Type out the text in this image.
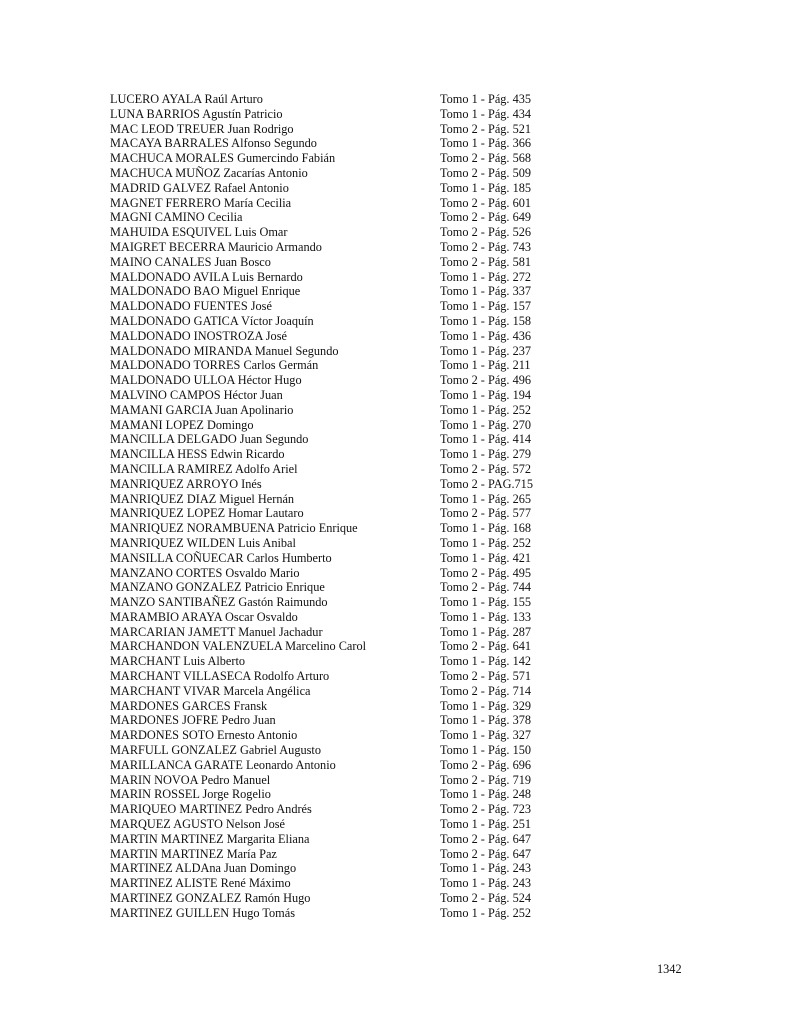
LUCERO AYALA Raúl Arturo	Tomo 1 - Pág. 435
LUNA BARRIOS Agustín Patricio	Tomo 1 - Pág. 434
MAC LEOD TREUER Juan Rodrigo	Tomo 2 - Pág. 521
MACAYA BARRALES Alfonso Segundo	Tomo 1 - Pág. 366
MACHUCA MORALES Gumercindo Fabián	Tomo 2 - Pág. 568
MACHUCA MUÑOZ Zacarías Antonio	Tomo 2 - Pág. 509
MADRID GALVEZ Rafael Antonio	Tomo 1 - Pág. 185
MAGNET FERRERO María Cecilia	Tomo 2 - Pág. 601
MAGNI CAMINO Cecilia	Tomo 2 - Pág. 649
MAHUIDA ESQUIVEL Luis Omar	Tomo 2 - Pág. 526
MAIGRET BECERRA Mauricio Armando	Tomo 2 - Pág. 743
MAINO CANALES Juan Bosco	Tomo 2 - Pág. 581
MALDONADO AVILA Luis Bernardo	Tomo 1 - Pág. 272
MALDONADO BAO Miguel Enrique	Tomo 1 - Pág. 337
MALDONADO FUENTES José	Tomo 1 - Pág. 157
MALDONADO GATICA Víctor Joaquín	Tomo 1 - Pág. 158
MALDONADO INOSTROZA José	Tomo 1 - Pág. 436
MALDONADO MIRANDA Manuel Segundo	Tomo 1 - Pág. 237
MALDONADO TORRES Carlos Germán	Tomo 1 - Pág. 211
MALDONADO ULLOA Héctor Hugo	Tomo 2 - Pág. 496
MALVINO CAMPOS Héctor Juan	Tomo 1 - Pág. 194
MAMANI GARCIA Juan Apolinario	Tomo 1 - Pág. 252
MAMANI LOPEZ Domingo	Tomo 1 - Pág. 270
MANCILLA DELGADO Juan Segundo	Tomo 1 - Pág. 414
MANCILLA HESS Edwin Ricardo	Tomo 1 - Pág. 279
MANCILLA RAMIREZ Adolfo Ariel	Tomo 2 - Pág. 572
MANRIQUEZ ARROYO Inés	Tomo 2 - PAG.715
MANRIQUEZ DIAZ Miguel Hernán	Tomo 1 - Pág. 265
MANRIQUEZ LOPEZ Homar Lautaro	Tomo 2 - Pág. 577
MANRIQUEZ NORAMBUENA Patricio Enrique	Tomo 1 - Pág. 168
MANRIQUEZ WILDEN Luis Anibal	Tomo 1 - Pág. 252
MANSILLA COÑUECAR Carlos Humberto	Tomo 1 - Pág. 421
MANZANO CORTES Osvaldo Mario	Tomo 2 - Pág. 495
MANZANO GONZALEZ Patricio Enrique	Tomo 2 - Pág. 744
MANZO SANTIBAÑEZ Gastón Raimundo	Tomo 1 - Pág. 155
MARAMBIO ARAYA Oscar Osvaldo	Tomo 1 - Pág. 133
MARCARIAN JAMETT Manuel Jachadur	Tomo 1 - Pág. 287
MARCHANDON VALENZUELA Marcelino Carol	Tomo 2 - Pág. 641
MARCHANT Luis Alberto	Tomo 1 - Pág. 142
MARCHANT VILLASECA Rodolfo Arturo	Tomo 2 - Pág. 571
MARCHANT VIVAR Marcela Angélica	Tomo 2 - Pág. 714
MARDONES GARCES Fransk	Tomo 1 - Pág. 329
MARDONES JOFRE Pedro Juan	Tomo 1 - Pág. 378
MARDONES SOTO Ernesto Antonio	Tomo 1 - Pág. 327
MARFULL GONZALEZ Gabriel Augusto	Tomo 1 - Pág. 150
MARILLANCA GARATE Leonardo Antonio	Tomo 2 - Pág. 696
MARIN NOVOA Pedro Manuel	Tomo 2 - Pág. 719
MARIN ROSSEL Jorge Rogelio	Tomo 1 - Pág. 248
MARIQUEO MARTINEZ Pedro Andrés	Tomo 2 - Pág. 723
MARQUEZ AGUSTO Nelson José	Tomo 1 - Pág. 251
MARTIN MARTINEZ Margarita Eliana	Tomo 2 - Pág. 647
MARTIN MARTINEZ María Paz	Tomo 2 - Pág. 647
MARTINEZ ALDAna Juan Domingo	Tomo 1 - Pág. 243
MARTINEZ ALISTE René Máximo	Tomo 1 - Pág. 243
MARTINEZ GONZALEZ Ramón Hugo	Tomo 2 - Pág. 524
MARTINEZ GUILLEN Hugo Tomás	Tomo 1 - Pág. 252
1342
